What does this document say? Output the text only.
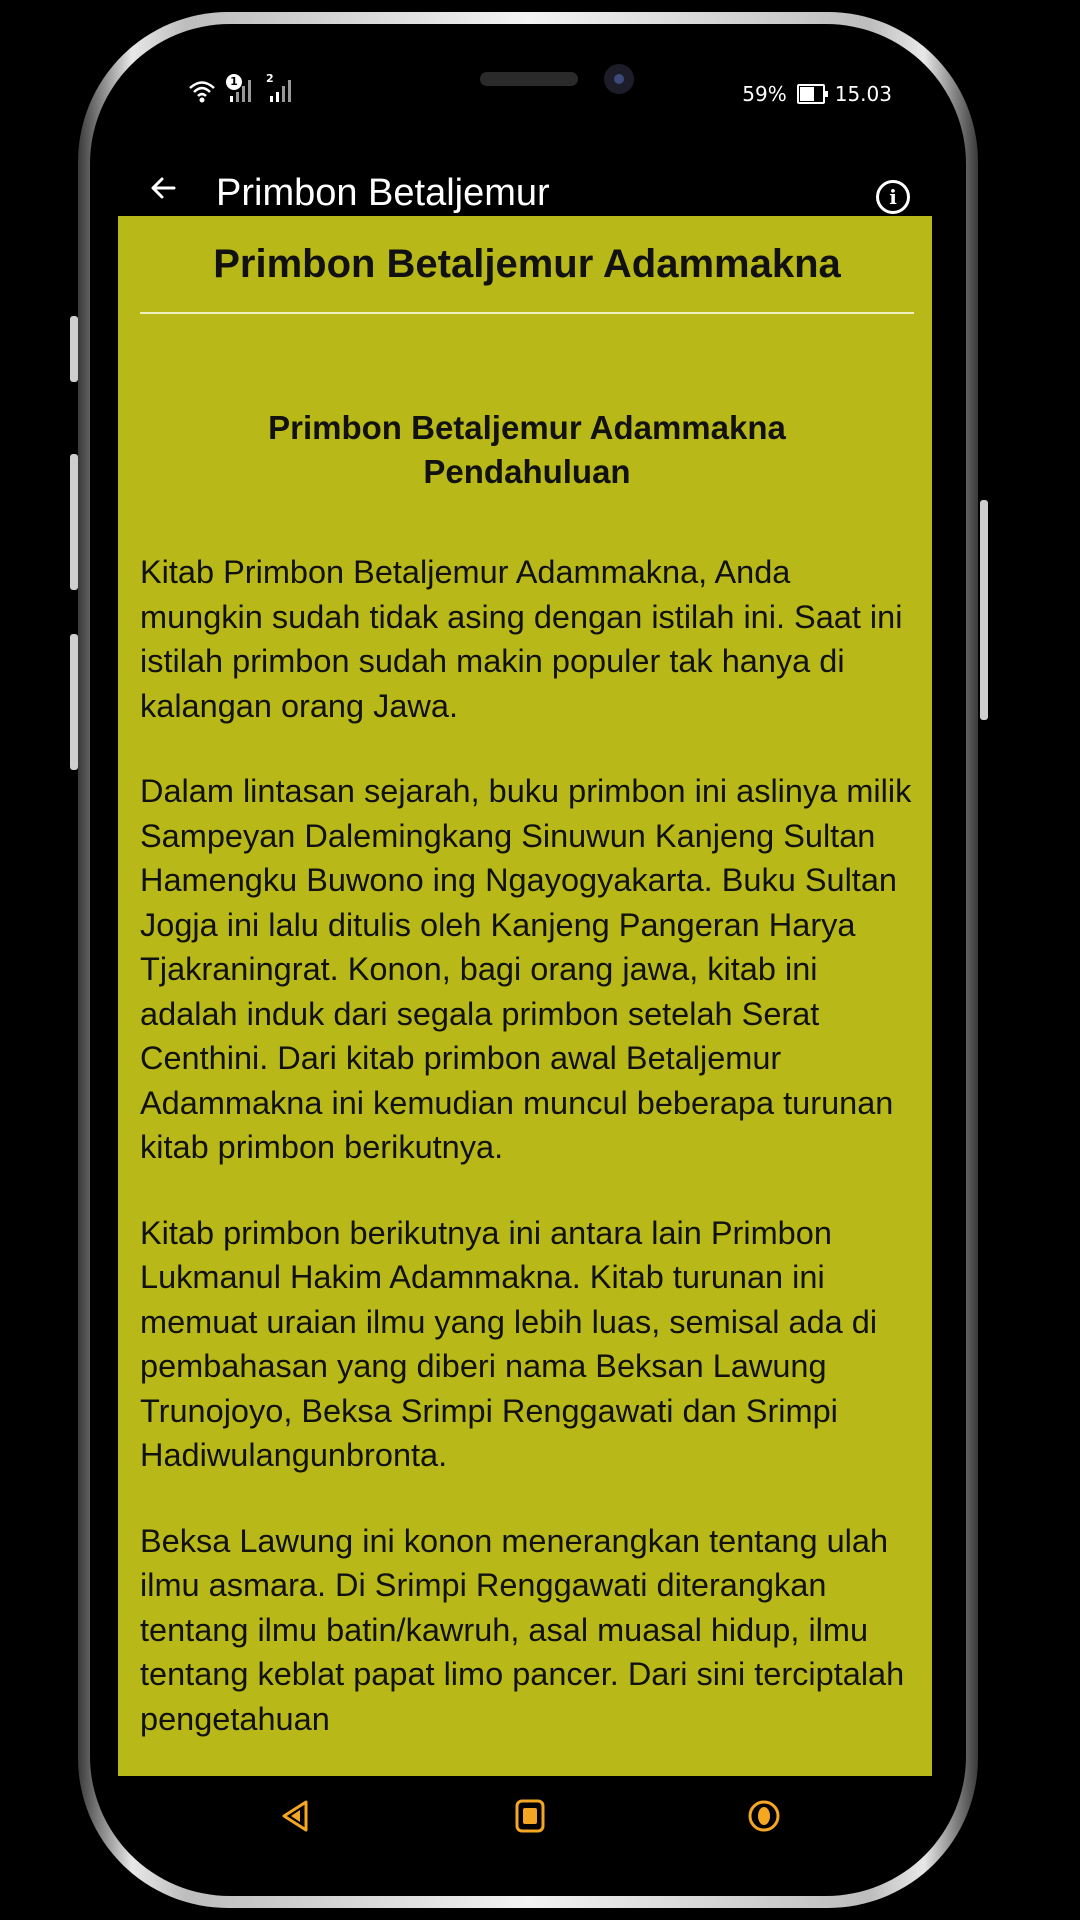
1	2
59% 15.03
Primbon Betaljemur	i
Primbon Betaljemur Adammakna
Primbon Betaljemur Adammakna
Pendahuluan
Kitab Primbon Betaljemur Adammakna, Anda mungkin sudah tidak asing dengan istilah ini. Saat ini istilah primbon sudah makin populer tak hanya di kalangan orang Jawa.
Dalam lintasan sejarah, buku primbon ini aslinya milik Sampeyan Dalemingkang Sinuwun Kanjeng Sultan Hamengku Buwono ing Ngayogyakarta. Buku Sultan Jogja ini lalu ditulis oleh Kanjeng Pangeran Harya Tjakraningrat. Konon, bagi orang jawa, kitab ini adalah induk dari segala primbon setelah Serat Centhini. Dari kitab primbon awal Betaljemur Adammakna ini kemudian muncul beberapa turunan kitab primbon berikutnya.
Kitab primbon berikutnya ini antara lain Primbon Lukmanul Hakim Adammakna. Kitab turunan ini memuat uraian ilmu yang lebih luas, semisal ada di pembahasan yang diberi nama Beksan Lawung Trunojoyo, Beksa Srimpi Renggawati dan Srimpi Hadiwulangunbronta.
Beksa Lawung ini konon menerangkan tentang ulah ilmu asmara. Di Srimpi Renggawati diterangkan tentang ilmu batin/kawruh, asal muasal hidup, ilmu tentang keblat papat limo pancer. Dari sini terciptalah pengetahuan
